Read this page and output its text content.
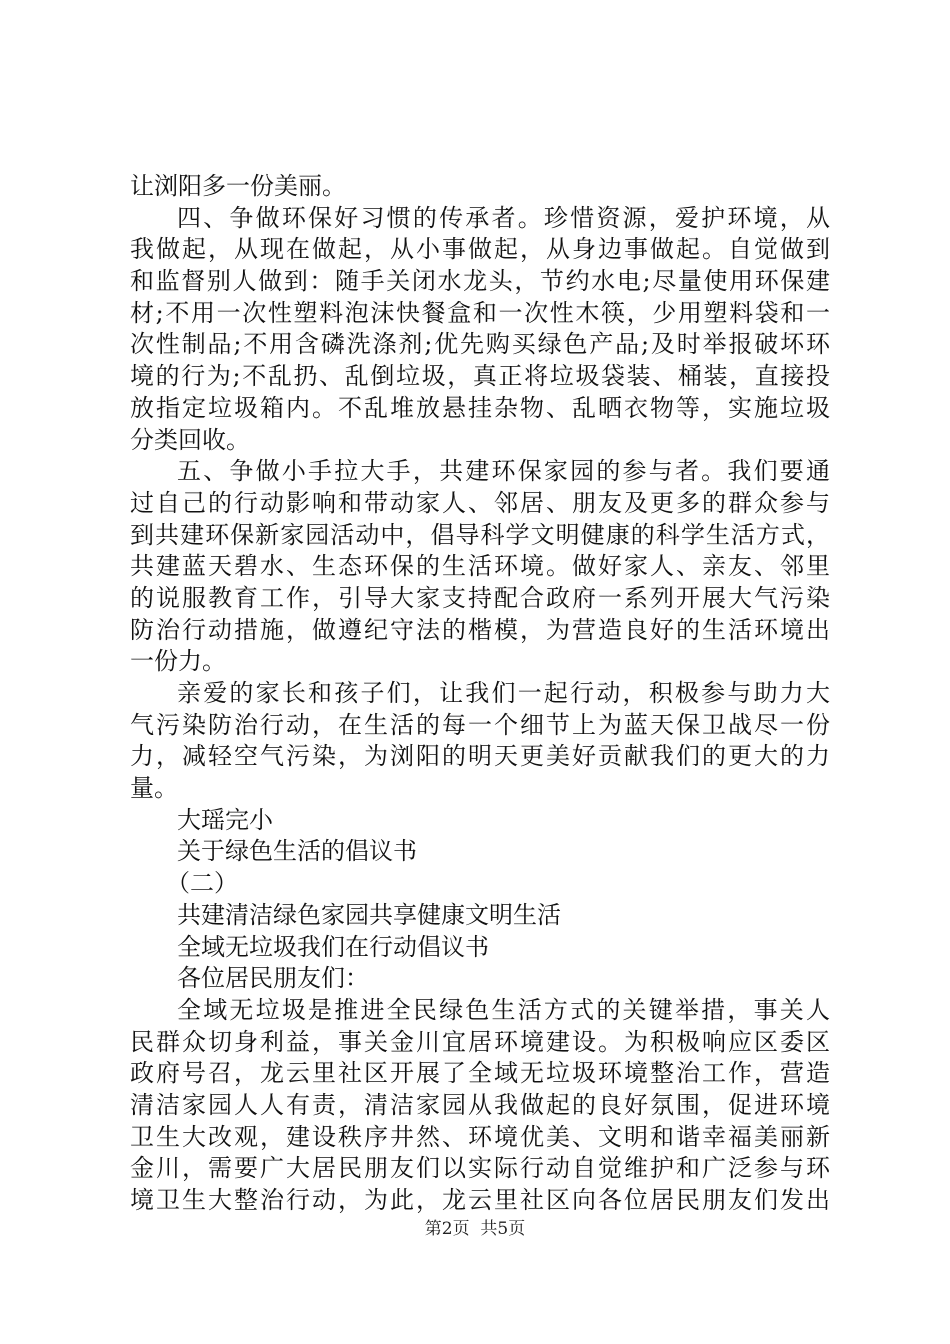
让浏阳多一份美丽。
四、争做环保好习惯的传承者。珍惜资源，爱护环境，从
我做起，从现在做起，从小事做起，从身边事做起。自觉做到
和监督别人做到：随手关闭水龙头，节约水电;尽量使用环保建
材;不用一次性塑料泡沫快餐盒和一次性木筷，少用塑料袋和一
次性制品;不用含磷洗涤剂;优先购买绿色产品;及时举报破坏环
境的行为;不乱扔、乱倒垃圾，真正将垃圾袋装、桶装，直接投
放指定垃圾箱内。不乱堆放悬挂杂物、乱晒衣物等，实施垃圾
分类回收。
五、争做小手拉大手，共建环保家园的参与者。我们要通
过自己的行动影响和带动家人、邻居、朋友及更多的群众参与
到共建环保新家园活动中，倡导科学文明健康的科学生活方式，
共建蓝天碧水、生态环保的生活环境。做好家人、亲友、邻里
的说服教育工作，引导大家支持配合政府一系列开展大气污染
防治行动措施，做遵纪守法的楷模，为营造良好的生活环境出
一份力。
亲爱的家长和孩子们，让我们一起行动，积极参与助力大
气污染防治行动，在生活的每一个细节上为蓝天保卫战尽一份
力，减轻空气污染，为浏阳的明天更美好贡献我们的更大的力
量。
大瑶完小
关于绿色生活的倡议书
（二）
共建清洁绿色家园共享健康文明生活
全域无垃圾我们在行动倡议书
各位居民朋友们：
全域无垃圾是推进全民绿色生活方式的关键举措，事关人
民群众切身利益，事关金川宜居环境建设。为积极响应区委区
政府号召，龙云里社区开展了全域无垃圾环境整治工作，营造
清洁家园人人有责，清洁家园从我做起的良好氛围，促进环境
卫生大改观，建设秩序井然、环境优美、文明和谐幸福美丽新
金川，需要广大居民朋友们以实际行动自觉维护和广泛参与环
境卫生大整治行动，为此，龙云里社区向各位居民朋友们发出
第2页  共5页
